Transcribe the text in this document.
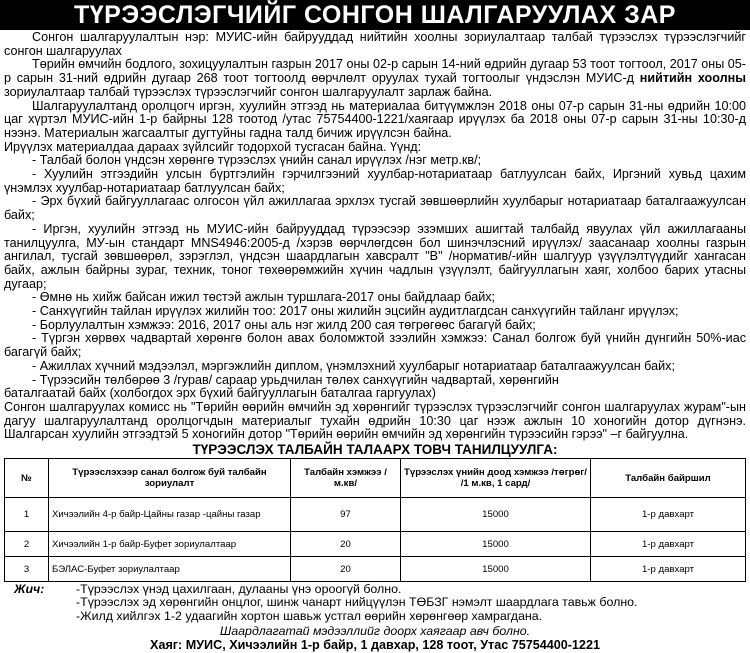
ТҮРЭЭСЛЭГЧИЙГ СОНГОН ШАЛГАРУУЛАХ ЗАР

Сонгон шалгаруулалтын нэр: МУИС-ийн байрууддад нийтийн хоолны зориулалтаар талбай түрээслэх түрээслэгчийг сонгон шалгаруулах

Төрийн өмчийн бодлого, зохицуулалтын газрын 2017 оны 02-р сарын 14-ний өдрийн дугаар 53 тоот тогтоол, 2017 оны 05-р сарын 31-ний өдрийн дугаар 268 тоот тогтоолд өөрчлөлт оруулах тухай тогтоолыг үндэслэн МУИС-д нийтийн хоолны зориулалтаар талбай түрээслэх түрээслэгчийг сонгон шалгаруулалт зарлаж байна.

Шалгаруулалтанд оролцогч иргэн, хуулийн этгээд нь материалаа битүүмжлэн 2018 оны 07-р сарын 31-ны өдрийн 10:00 цаг хүртэл МУИС-ийн 1-р байрны 128 тоотод /утас 75754400-1221/хаягаар ирүүлэх ба 2018 оны 07-р сарын 31-ны 10:30-д нээнэ. Материалын жагсаалтыг дугтуйны гадна талд бичиж ирүүлсэн байна.

Ирүүлэх материалдаа дараах зүйлсийг тодорхой тусгасан байна. Үүнд:

- Талбай болон үндсэн хөрөнгө түрээслэх үнийн санал ирүүлэх /нэг метр.кв/;

- Хуулийн этгээдийн улсын бүртгэлийн гэрчилгээний хуулбар-нотариатаар батлуулсан байх, Иргэний хувьд цахим үнэмлэх хуулбар-нотариатаар батлуулсан байх;

- Эрх бүхий байгууллагаас олгосон үйл ажиллагаа эрхлэх тусгай зөвшөөрлийн хуулбарыг нотариатаар баталгаажуулсан байх;

- Иргэн, хуулийн этгээд нь МУИС-ийн байрууддад түрээсээр эзэмших ашигтай талбайд явуулах үйл ажиллагааны танилцуулга, МУ-ын стандарт MNS4946:2005-д /хэрэв өөрчлөгдсөн бол шинэчлэсний ирүүлэх/ заасанаар хоолны газрын ангилал, тусгай зөвшөөрөл, зэрэглэл, үндсэн шаардлагын хавсралт "В" /норматив/-ийн шалгуур үзүүлэлтүүдийг хангасан байх, ажлын байрны зураг, техник, тоног төхөөрөмжийн хүчин чадлын үзүүлэлт, байгууллагын хаяг, холбоо барих утасны дугаар;

- Өмнө нь хийж байсан ижил төстэй ажлын туршлага-2017 оны байдлаар байх;

- Санхүүгийн тайлан ирүүлэх жилийн тоо: 2017 оны жилийн эцсийн аудитлагдсан санхүүгийн тайланг ирүүлэх;

- Борлуулалтын хэмжээ: 2016, 2017 оны аль нэг жилд 200 сая төгрөгөөс багагүй байх;

- Түргэн хөрвөх чадвартай хөрөнгө болон авах боломжтой зээлийн хэмжээ: Санал болгож буй үнийн дүнгийн 50%-иас багагүй байх;

- Ажиллах хүчний мэдээлэл, мэргэжлийн диплом, үнэмлэхний хуулбарыг нотариатаар баталгаажуулсан байх;

- Түрээсийн төлбөрөө 3 /гурав/ сараар урьдчилан төлөх санхүүгийн чадвартай, хөрөнгийн

баталгаатай байх (холбогдох эрх бүхий байгууллагын баталгаа гаргуулах)

Сонгон шалгаруулах комисс нь "Төрийн өөрийн өмчийн эд хөрөнгийг түрээслэх түрээслэгчийг сонгон шалгаруулах журам"-ын дагуу шалгаруулалтанд оролцогчдын материалыг тухайн өдрийн 10:30 цаг нээж ажлын 10 хоногийн дотор дүгнэнэ. Шалгарсан хуулийн этгээдтэй 5 хоногийн дотор "Төрийн өөрийн өмчийн эд хөрөнгийн түрээсийн гэрээ" –г байгуулна.

ТҮРЭЭСЛЭХ ТАЛБАЙН ТАЛААРХ ТОВЧ ТАНИЛЦУУЛГА:
№	Түрээслэхээр санал болгож буй талбайн зориулалт	Талбайн хэмжээ /м.кв/	Түрээслэх үнийн доод хэмжээ /төгрөг/ /1 м.кв, 1 сард/	Талбайн байршил
1	Хичээлийн 4-р байр-Цайны газар -цайны газар	97	15000	1-р давхарт
2	Хичээлийн 1-р байр-Буфет зориулалтаар	20	15000	1-р давхарт
3	БЭЛАС-Буфет зориулалтаар	20	15000	1-р давхарт
Жич:	-Түрээслэх үнэд цахилгаан, дулааны үнэ ороогүй болно.
-Түрээслэх эд хөрөнгийн онцлог, шинж чанарт нийцүүлэн ТӨБЗГ нэмэлт шаардлага тавьж болно.
-Жилд хийлгэх 1-2 удаагийн хортон шавьж устгал өөрийн хөрөнгөөр хамрагдана.
Шаардлагатай мэдээллийг доорх хаягаар авч болно.
Хаяг: МУИС, Хичээлийн 1-р байр, 1 давхар, 128 тоот, Утас 75754400-1221
